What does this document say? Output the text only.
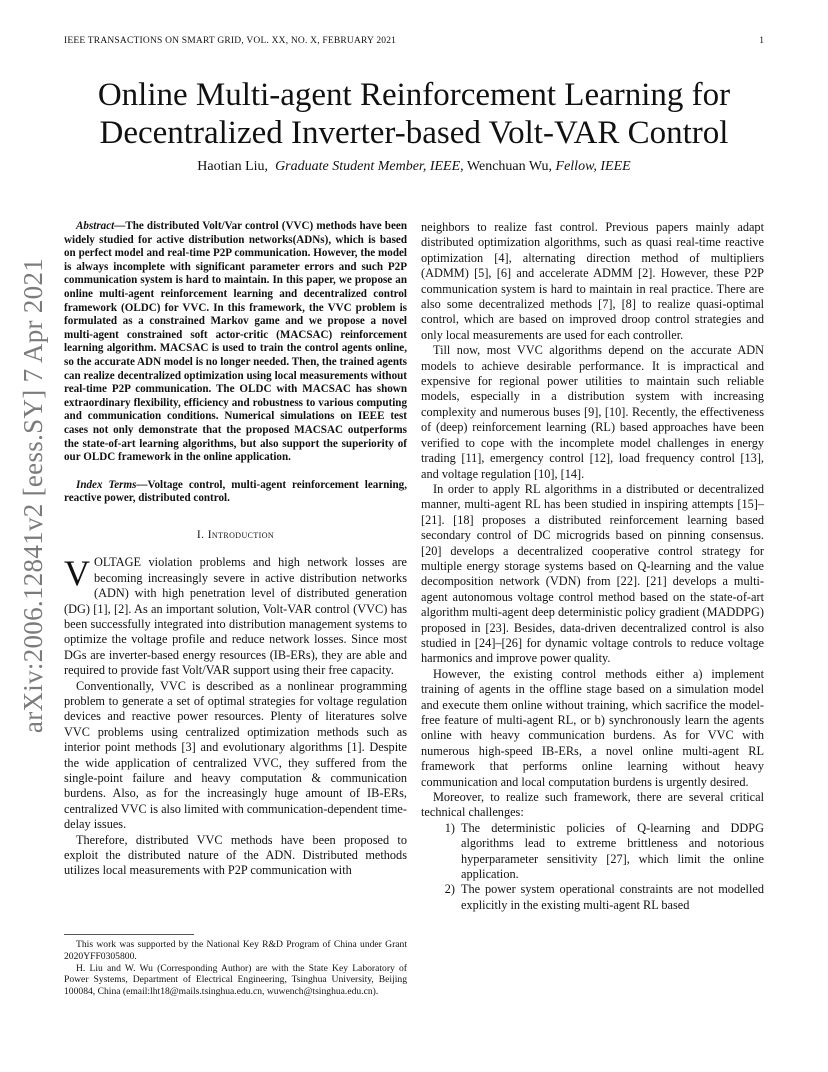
IEEE TRANSACTIONS ON SMART GRID, VOL. XX, NO. X, FEBRUARY 2021	1
arXiv:2006.12841v2 [eess.SY] 7 Apr 2021
Online Multi-agent Reinforcement Learning for
Decentralized Inverter-based Volt-VAR Control
Haotian Liu, Graduate Student Member, IEEE, Wenchuan Wu, Fellow, IEEE

Abstract—The distributed Volt/Var control (VVC) methods have been widely studied for active distribution networks(ADNs), which is based on perfect model and real-time P2P communication. However, the model is always incomplete with significant parameter errors and such P2P communication system is hard to maintain. In this paper, we propose an online multi-agent reinforcement learning and decentralized control framework (OLDC) for VVC. In this framework, the VVC problem is formulated as a constrained Markov game and we propose a novel multi-agent constrained soft actor-critic (MACSAC) reinforcement learning algorithm. MACSAC is used to train the control agents online, so the accurate ADN model is no longer needed. Then, the trained agents can realize decentralized optimization using local measurements without real-time P2P communication. The OLDC with MACSAC has shown extraordinary flexibility, efficiency and robustness to various computing and communication conditions. Numerical simulations on IEEE test cases not only demonstrate that the proposed MACSAC outperforms the state-of-art learning algorithms, but also support the superiority of our OLDC framework in the online application.

Index Terms—Voltage control, multi-agent reinforcement learning, reactive power, distributed control.

I. Introduction

VOLTAGE violation problems and high network losses are becoming increasingly severe in active distribution networks (ADN) with high penetration level of distributed generation (DG) [1], [2]. As an important solution, Volt-VAR control (VVC) has been successfully integrated into distribution management systems to optimize the voltage profile and reduce network losses. Since most DGs are inverter-based energy resources (IB-ERs), they are able and required to provide fast Volt/VAR support using their free capacity.

Conventionally, VVC is described as a nonlinear programming problem to generate a set of optimal strategies for voltage regulation devices and reactive power resources. Plenty of literatures solve VVC problems using centralized optimization methods such as interior point methods [3] and evolutionary algorithms [1]. Despite the wide application of centralized VVC, they suffered from the single-point failure and heavy computation & communication burdens. Also, as for the increasingly huge amount of IB-ERs, centralized VVC is also limited with communication-dependent time-delay issues.

Therefore, distributed VVC methods have been proposed to exploit the distributed nature of the ADN. Distributed methods utilizes local measurements with P2P communication with

This work was supported by the National Key R&D Program of China under Grant 2020YFF0305800.

H. Liu and W. Wu (Corresponding Author) are with the State Key Laboratory of Power Systems, Department of Electrical Engineering, Tsinghua University, Beijing 100084, China (email:lht18@mails.tsinghua.edu.cn, wuwench@tsinghua.edu.cn).

neighbors to realize fast control. Previous papers mainly adapt distributed optimization algorithms, such as quasi real-time reactive optimization [4], alternating direction method of multipliers (ADMM) [5], [6] and accelerate ADMM [2]. However, these P2P communication system is hard to maintain in real practice. There are also some decentralized methods [7], [8] to realize quasi-optimal control, which are based on improved droop control strategies and only local measurements are used for each controller.

Till now, most VVC algorithms depend on the accurate ADN models to achieve desirable performance. It is impractical and expensive for regional power utilities to maintain such reliable models, especially in a distribution system with increasing complexity and numerous buses [9], [10]. Recently, the effectiveness of (deep) reinforcement learning (RL) based approaches have been verified to cope with the incomplete model challenges in energy trading [11], emergency control [12], load frequency control [13], and voltage regulation [10], [14].

In order to apply RL algorithms in a distributed or decentralized manner, multi-agent RL has been studied in inspiring attempts [15]–[21]. [18] proposes a distributed reinforcement learning based secondary control of DC microgrids based on pinning consensus. [20] develops a decentralized cooperative control strategy for multiple energy storage systems based on Q-learning and the value decomposition network (VDN) from [22]. [21] develops a multi-agent autonomous voltage control method based on the state-of-art algorithm multi-agent deep deterministic policy gradient (MADDPG) proposed in [23]. Besides, data-driven decentralized control is also studied in [24]–[26] for dynamic voltage controls to reduce voltage harmonics and improve power quality.

However, the existing control methods either a) implement training of agents in the offline stage based on a simulation model and execute them online without training, which sacrifice the model-free feature of multi-agent RL, or b) synchronously learn the agents online with heavy communication burdens. As for VVC with numerous high-speed IB-ERs, a novel online multi-agent RL framework that performs online learning without heavy communication and local computation burdens is urgently desired.

Moreover, to realize such framework, there are several critical technical challenges:

1) The deterministic policies of Q-learning and DDPG algorithms lead to extreme brittleness and notorious hyperparameter sensitivity [27], which limit the online application.
2) The power system operational constraints are not modelled explicitly in the existing multi-agent RL based
